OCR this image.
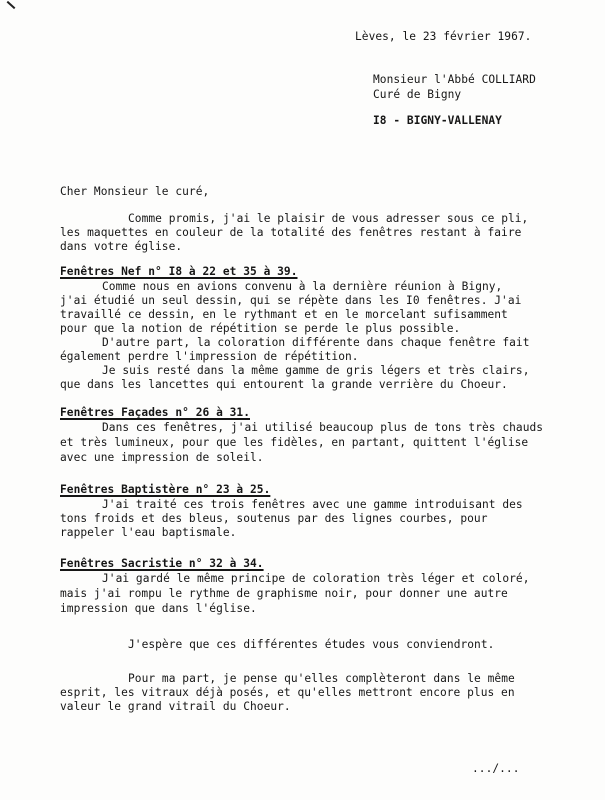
Lèves, le 23 février 1967.
Monsieur l'Abbé COLLIARD
Curé de Bigny
I8 - BIGNY-VALLENAY
Cher Monsieur le curé,
Comme promis, j'ai le plaisir de vous adresser sous ce pli,
les maquettes en couleur de la totalité des fenêtres restant à faire
dans votre église.
Fenêtres Nef n° I8 à 22 et 35 à 39.
Comme nous en avions convenu à la dernière réunion à Bigny,
j'ai étudié un seul dessin, qui se répète dans les I0 fenêtres. J'ai
travaillé ce dessin, en le rythmant et en le morcelant sufisamment
pour que la notion de répétition se perde le plus possible.
D'autre part, la coloration différente dans chaque fenêtre fait
également perdre l'impression de répétition.
Je suis resté dans la même gamme de gris légers et très clairs,
que dans les lancettes qui entourent la grande verrière du Choeur.
Fenêtres Façades n° 26 à 31.
Dans ces fenêtres, j'ai utilisé beaucoup plus de tons très chauds
et très lumineux, pour que les fidèles, en partant, quittent l'église
avec une impression de soleil.
Fenêtres Baptistère n° 23 à 25.
J'ai traité ces trois fenêtres avec une gamme introduisant des
tons froids et des bleus, soutenus par des lignes courbes, pour
rappeler l'eau baptismale.
Fenêtres Sacristie n° 32 à 34.
J'ai gardé le même principe de coloration très léger et coloré,
mais j'ai rompu le rythme de graphisme noir, pour donner une autre
impression que dans l'église.
J'espère que ces différentes études vous conviendront.
Pour ma part, je pense qu'elles complèteront dans le même
esprit, les vitraux déjà posés, et qu'elles mettront encore plus en
valeur le grand vitrail du Choeur.
.../...
